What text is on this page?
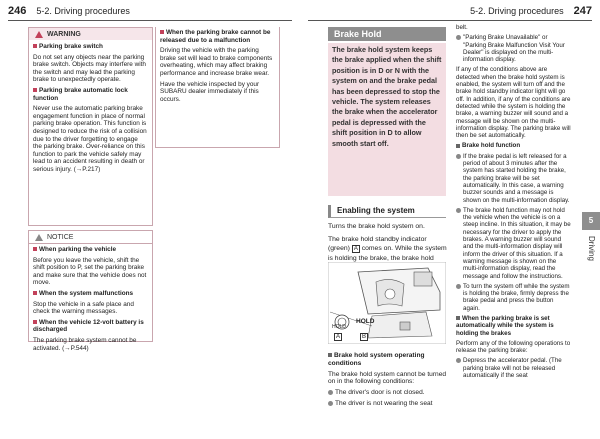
246 5-2. Driving procedures	5-2. Driving procedures 247
WARNING

Parking brake switch

Do not set any objects near the parking brake switch. Objects may interfere with the switch and may lead the parking brake to unexpectedly operate.

Parking brake automatic lock function

Never use the automatic parking brake engagement function in place of normal parking brake operation. This function is designed to reduce the risk of a collision due to the driver forgetting to engage the parking brake. Over-reliance on this function to park the vehicle safely may lead to an accident resulting in death or serious injury. (→P.217)

When the parking brake cannot be released due to a malfunction

Driving the vehicle with the parking brake set will lead to brake components overheating, which may affect braking performance and increase brake wear.

Have the vehicle inspected by your SUBARU dealer immediately if this occurs.

NOTICE

When parking the vehicle

Before you leave the vehicle, shift the shift position to P, set the parking brake and make sure that the vehicle does not move.

When the system malfunctions

Stop the vehicle in a safe place and check the warning messages.

When the vehicle 12-volt battery is discharged

The parking brake system cannot be activated. (→P.544)

Brake Hold
The brake hold system keeps the brake applied when the shift position is in D or N with the system on and the brake pedal has been depressed to stop the vehicle. The system releases the brake when the accelerator pedal is depressed with the shift position in D to allow smooth start off.
Enabling the system

Turns the brake hold system on.

The brake hold standby indicator (green) A comes on. While the system is holding the brake, the brake hold

HOLD
HOLD
A	B

Brake hold system operating conditions

The brake hold system cannot be turned on in the following conditions:

The driver's door is not closed.

The driver is not wearing the seat

belt.

"Parking Brake Unavailable" or "Parking Brake Malfunction Visit Your Dealer" is displayed on the multi-information display.

If any of the conditions above are detected when the brake hold system is enabled, the system will turn off and the brake hold standby indicator light will go off. In addition, if any of the conditions are detected while the system is holding the brake, a warning buzzer will sound and a message will be shown on the multi-information display. The parking brake will then be set automatically.

Brake hold function

If the brake pedal is left released for a period of about 3 minutes after the system has started holding the brake, the parking brake will be set automatically. In this case, a warning buzzer sounds and a message is shown on the multi-information display.

The brake hold function may not hold the vehicle when the vehicle is on a steep incline. In this situation, it may be necessary for the driver to apply the brakes. A warning buzzer will sound and the multi-information display will inform the driver of this situation. If a warning message is shown on the multi-information display, read the message and follow the instructions.

To turn the system off while the system is holding the brake, firmly depress the brake pedal and press the button again.

When the parking brake is set automatically while the system is holding the brakes

Perform any of the following operations to release the parking brake:

Depress the accelerator pedal. (The parking brake will not be released automatically if the seat

5
Driving
